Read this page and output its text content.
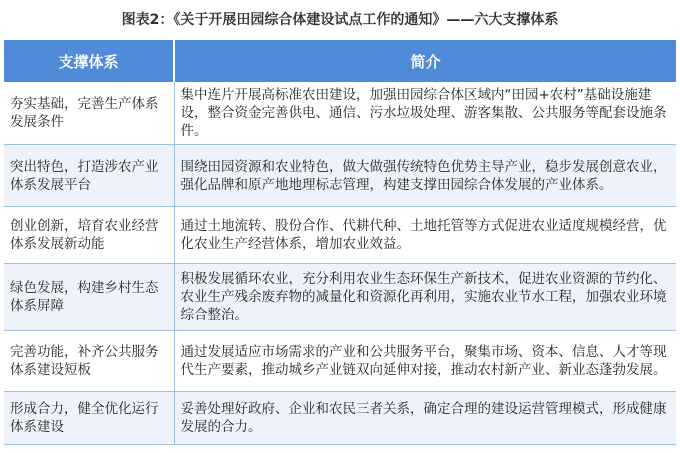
图表2：《关于开展田园综合体建设试点工作的通知》——六大支撑体系
支撑体系	简介
夯实基础，完善生产体系发展条件	集中连片开展高标准农田建设，加强田园综合体区域内“田园+农村”基础设施建设，整合资金完善供电、通信、污水垃圾处理、游客集散、公共服务等配套设施条件。
突出特色，打造涉农产业体系发展平台	围绕田园资源和农业特色，做大做强传统特色优势主导产业，稳步发展创意农业，强化品牌和原产地地理标志管理，构建支撑田园综合体发展的产业体系。
创业创新，培育农业经营体系发展新动能	通过土地流转、股份合作、代耕代种、土地托管等方式促进农业适度规模经营，优化农业生产经营体系，增加农业效益。
绿色发展，构建乡村生态体系屏障	积极发展循环农业，充分利用农业生态环保生产新技术，促进农业资源的节约化、农业生产残余废弃物的减量化和资源化再利用，实施农业节水工程，加强农业环境综合整治。
完善功能，补齐公共服务体系建设短板	通过发展适应市场需求的产业和公共服务平台，聚集市场、资本、信息、人才等现代生产要素，推动城乡产业链双向延伸对接，推动农村新产业、新业态蓬勃发展。
形成合力，健全优化运行体系建设	妥善处理好政府、企业和农民三者关系，确定合理的建设运营管理模式，形成健康发展的合力。
